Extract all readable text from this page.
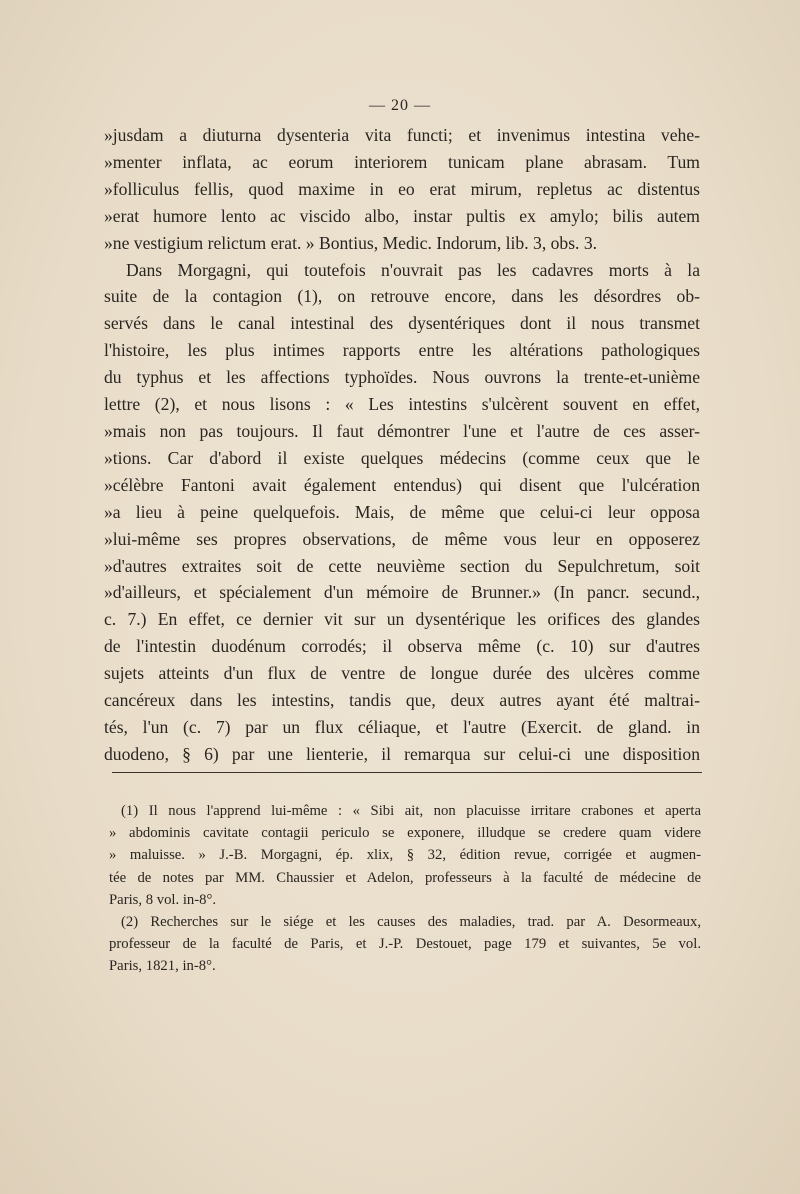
— 20 —
»jusdam a diuturna dysenteria vita functi; et invenimus intestina vehe-
»menter inflata, ac eorum interiorem tunicam plane abrasam. Tum
»folliculus fellis, quod maxime in eo erat mirum, repletus ac distentus
»erat humore lento ac viscido albo, instar pultis ex amylo; bilis autem
»ne vestigium relictum erat. » Bontius, Medic. Indorum, lib. 3, obs. 3.
Dans Morgagni, qui toutefois n'ouvrait pas les cadavres morts à la
suite de la contagion (1), on retrouve encore, dans les désordres ob-
servés dans le canal intestinal des dysentériques dont il nous transmet
l'histoire, les plus intimes rapports entre les altérations pathologiques
du typhus et les affections typhoïdes. Nous ouvrons la trente-et-unième
lettre (2), et nous lisons : « Les intestins s'ulcèrent souvent en effet,
»mais non pas toujours. Il faut démontrer l'une et l'autre de ces asser-
»tions. Car d'abord il existe quelques médecins (comme ceux que le
»célèbre Fantoni avait également entendus) qui disent que l'ulcération
»a lieu à peine quelquefois. Mais, de même que celui-ci leur opposa
»lui-même ses propres observations, de même vous leur en opposerez
»d'autres extraites soit de cette neuvième section du Sepulchretum, soit
»d'ailleurs, et spécialement d'un mémoire de Brunner.» (In pancr. secund.,
c. 7.) En effet, ce dernier vit sur un dysentérique les orifices des glandes
de l'intestin duodénum corrodés; il observa même (c. 10) sur d'autres
sujets atteints d'un flux de ventre de longue durée des ulcères comme
cancéreux dans les intestins, tandis que, deux autres ayant été maltrai-
tés, l'un (c. 7) par un flux céliaque, et l'autre (Exercit. de gland. in
duodeno, § 6) par une lienterie, il remarqua sur celui-ci une disposition
(1) Il nous l'apprend lui-même : « Sibi ait, non placuisse irritare crabones et aperta
» abdominis cavitate contagii periculo se exponere, illudque se credere quam videre
» maluisse. » J.-B. Morgagni, ép. xlix, § 32, édition revue, corrigée et augmen-
tée de notes par MM. Chaussier et Adelon, professeurs à la faculté de médecine de
Paris, 8 vol. in-8°.
(2) Recherches sur le siége et les causes des maladies, trad. par A. Desormeaux,
professeur de la faculté de Paris, et J.-P. Destouet, page 179 et suivantes, 5e vol.
Paris, 1821, in-8°.
